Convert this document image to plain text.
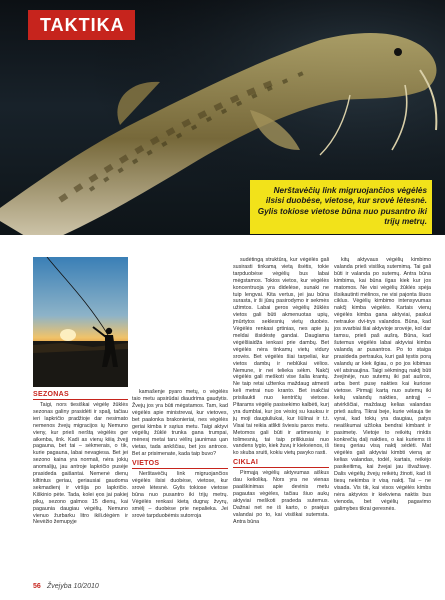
TAKTIKA
Nerštavėčių link migruojančios vėgėlės ilsisi duobėse, vietose, kur srovė lėtesnė. Gylis tokiose vietose būna nuo pusantro iki trijų metrų.
SEZONAS

Taigi, nors tiesiškai vėgėlę žūklės sezonas galiny prasidėti ir spalį, tačiau ieri lapkričio pradžioje dar nesimato nemenos žvejų migracijos ių Nemuno vieny, kur prieš nerštą vėgėlės ger aikenba, ilnk. Kadi as vienų kiiią žvejį pagauna, bet tai – sėkmerais, o tik, kurie pagauna, labai nevagiesa. Bet jei sezono kaina yra normali, nėra jokių anomalijų, jau antroje lapkričio pusėje prasideda gaišantai. Nemenė dienų kiltintus geriau, geriausiai gaudoma sekmadienį ir viršija po lapkričio. Kiškinio pėte. Tada, kolei ęos jai pakiej pikų, sezono galmos 15 dienų, kai pagaunia daugiau vėgėlių. Nemuno vienuo žurbarku litro ikili.dėgėm ir Nevėžio žemupyje

kamašenje pyaro metų, o vėgėlės taio metu apsirūdai diaudrima gaudytis. Žvejų jos yra būti mėgstamos. Tam, kad vėgėlės apie ministrevai, kur vietoves, bet paalonka brakonieriai, nes vėgėlės geriai kimba ir sąrius metu. Taigi aktyvi vėgėlių žūklė trunka gana trumpai, mėnesį metai taru vėlirų jaunimas ųan vietas, tada ankščiau, bet jos antroos. Bet ar prisimenate, kada taip buvo?

VIETOS

Nerštavėčių link migruojančios vėgėlės ilsisi duobėse, vietose, kur srovė lėtesnė. Gylis tokiose vietose būna nuo pusantro iki trijų metrų. Vėgėlės renkasi kietą dugną: žvyrų, smėlį – duobėse prie nepalieka. Jei srovė tarpduobėmis sutorroja

sudėtingą struktūrą, kur vėgėlės gali susirasti tinkamą vietą ilsėtis, tokie tarpduobėse vėgėlių bus labai mėgstamos. Tokios vietos, kur vėgėlės koncentruoja yra didelėse, sunaki ne tuip lengvai. Kita vertus, jei jau būna surasta, ir ši jūsų pasirodymo ir sekmės užimtos. Labai geros vėgėlių žūklės vietos gali būti akmenuotas upių, įmūrtytos seklesnių vietų duobės. Vėgėlės renkasi grtinias, nes apie jų meldai išsidėstę gandai. Daugiama vėgėlšiaidža ienkasi prie dambų. Bet vėgėlės nėra tinkamų vietų vidury srovės. Bet vėgėlės šiai tarpeliai, kur vietos dambų ir neblūkai vėlios. Nemune, ir nei telieka sėkm. Nakčį vėgėlės gali meškoti vise šalia krantų. Ne taip retai užtenka maždaug atmesti keli metrai nuo kranto. Bet inakčiai prisilaukti nuo kentričių vietose. Pitarams vėgėlę pasisekimo kalbėti, kurį yra dumblai, kur jos vėsioj su kauksu ir jų moji daugiuliukai, kur liūlinai ir t.t. Visai tai reikia atlikti šviesiu paros metu. Metomos gali būti ir artimesnių ir tolimesnių, tai taip prilikiusiai nuo vandens lygio, kiek žuvų ir kiekvienos, iš ko skuba sruiti, kokiu vietų pavyko rasti.

CIKLAI

Pirmąją vėgėlių aktyvumas aiškus dau kelioliką. Nors yra ne vienas paaiškinimas apie devinis metu pagautas vėgėles, tačiau šiuo aukų aktyviai meškoti pradeda sutemus. Dažnai net ne iš karto, o praėjus valandai po to, kai visiškai sutemsta. Antra būna

kitų aktyvaus vėgėlių kimbimo valanda prieš visišką sutemimą. Tai gali būti ir valanda po sutemų. Antra būna kimbima, kai būna ilgas kiek kur jos matomos. Ne visi vėgėlių žūklės spėja išsikautinti mėlinos, ne visi pajonta šiuos ciklus. Vėgėlių kimbimo intensyvumas nakčį kimba vėgėlės. Kartais vienų vėgėlės kimba gana aktyviai, paskui netrauke dvi-trys valandos. Būna, kad jos svarbiai šiai aktyvioje srovėje, kol dar tamsu, prieš paš aušrą. Būna, kad šutemus vėgėlės labai aktyviai kimba valandą ar pusantros. Po to staiga prasideda pertrauka, kuri gali tęstis porą valandų ar kiek ilgiau, o po jos kibimas vėl atsinaujina. Taigi sėkmingų naktį būti žvejinėje, nuo sutemų iki pat aušros, arba bent pusę nakties kai kuriose vietose. Pirmąjį kartą nuo sutemų iki kelių valandų nakties, antrąjį – atvirkščiai, maždaug kelias valandas prieš aušrą. Tikrai beje, kurie vėlauja tie vyrai, kad tokių yra daugiau, patys neaiškumai užšoka bendrai kimbant ir pasimetę. Vietoje to reikėtų rinktis konkrečią dalį nakties, o kai kuriems iš tiesų geriau visą naktį sėdėti. Mat vėgėlės gali aktyviai kimbti vieną ar kelias valandas, todėl, kartais, reikėjo pasikeitimą, kai žvejai jau išvažiavę. Dalis vėgėlių žvejų reikėtų žinoti, kad iš tiesų nekimba ir visą naktį. Tai – ne visada. Vis tik, kai visos vėgėlės kimbs nėra aktyvios ir kiekviena naktis bus vienoda, bet vėgėlių pagavimo galimybes tikrai geresnės.

56 Žvejyba 10/2010
